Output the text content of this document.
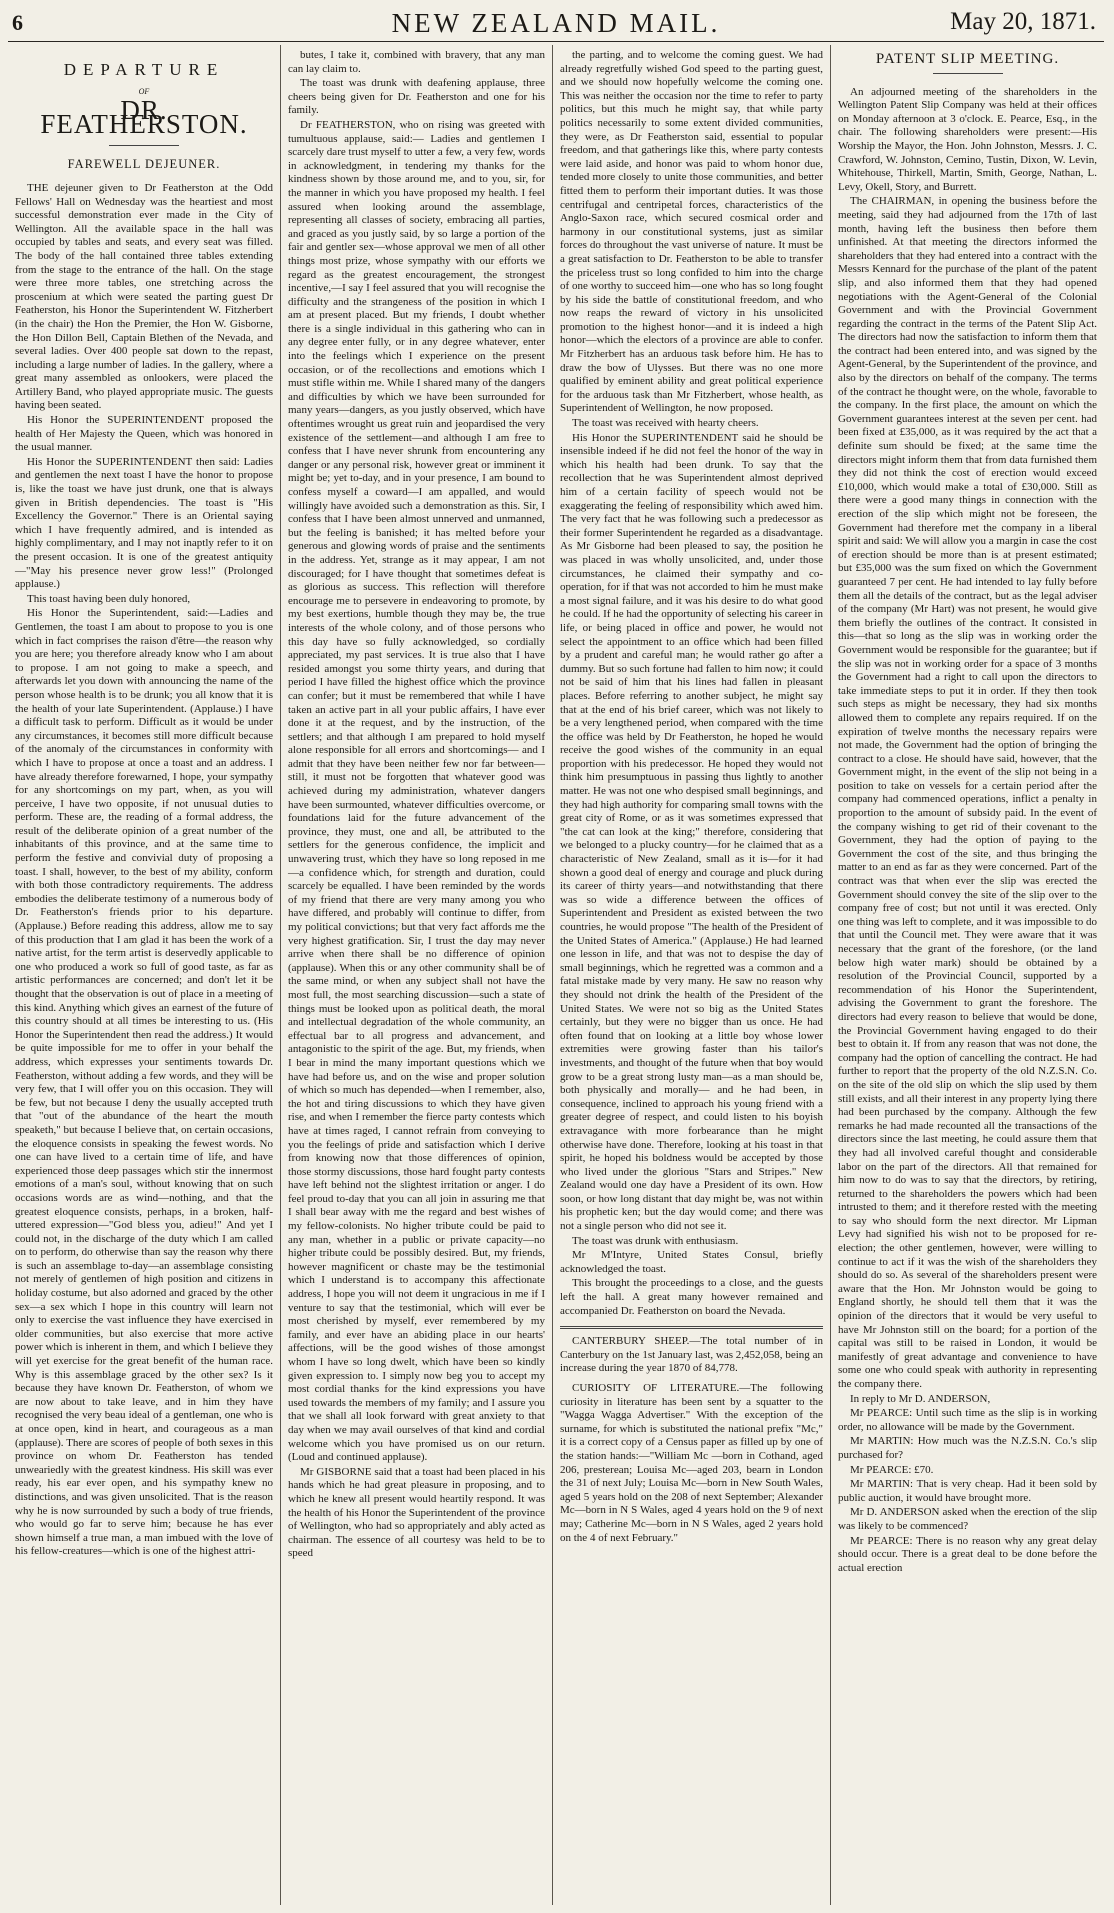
6	NEW ZEALAND MAIL.	May 20, 1871.
DEPARTURE
OF
DR. FEATHERSTON.
FAREWELL DEJEUNER.

THE dejeuner given to Dr Featherston at the Odd Fellows' Hall on Wednesday was the heartiest and most successful demonstration ever made in the City of Wellington. All the available space in the hall was occupied by tables and seats, and every seat was filled. The body of the hall contained three tables extending from the stage to the entrance of the hall. On the stage were three more tables, one stretching across the proscenium at which were seated the parting guest Dr Featherston, his Honor the Superintendent W. Fitzherbert (in the chair) the Hon the Premier, the Hon W. Gisborne, the Hon Dillon Bell, Captain Blethen of the Nevada, and several ladies. Over 400 people sat down to the repast, including a large number of ladies. In the gallery, where a great many assembled as onlookers, were placed the Artillery Band, who played appropriate music. The guests having been seated.

His Honor the SUPERINTENDENT proposed the health of Her Majesty the Queen, which was honored in the usual manner.

His Honor the SUPERINTENDENT then said: Ladies and gentlemen the next toast I have the honor to propose is, like the toast we have just drunk, one that is always given in British dependencies. The toast is "His Excellency the Governor." There is an Oriental saying which I have frequently admired, and is intended as highly complimentary, and I may not inaptly refer to it on the present occasion. It is one of the greatest antiquity—"May his presence never grow less!" (Prolonged applause.)

This toast having been duly honored,

His Honor the Superintendent, said:—Ladies and Gentlemen, the toast I am about to propose to you is one which in fact comprises the raison d'être—the reason why you are here; you therefore already know who I am about to propose. I am not going to make a speech, and afterwards let you down with announcing the name of the person whose health is to be drunk; you all know that it is the health of your late Superintendent. (Applause.) I have a difficult task to perform. Difficult as it would be under any circumstances, it becomes still more difficult because of the anomaly of the circumstances in conformity with which I have to propose at once a toast and an address. I have already therefore forewarned, I hope, your sympathy for any shortcomings on my part, when, as you will perceive, I have two opposite, if not unusual duties to perform. These are, the reading of a formal address, the result of the deliberate opinion of a great number of the inhabitants of this province, and at the same time to perform the festive and convivial duty of proposing a toast. I shall, however, to the best of my ability, conform with both those contradictory requirements. The address embodies the deliberate testimony of a numerous body of Dr. Featherston's friends prior to his departure. (Applause.) Before reading this address, allow me to say of this production that I am glad it has been the work of a native artist, for the term artist is deservedly applicable to one who produced a work so full of good taste, as far as artistic performances are concerned; and don't let it be thought that the observation is out of place in a meeting of this kind. Anything which gives an earnest of the future of this country should at all times be interesting to us. (His Honor the Superintendent then read the address.) It would be quite impossible for me to offer in your behalf the address, which expresses your sentiments towards Dr. Featherston, without adding a few words, and they will be very few, that I will offer you on this occasion. They will be few, but not because I deny the usually accepted truth that "out of the abundance of the heart the mouth speaketh," but because I believe that, on certain occasions, the eloquence consists in speaking the fewest words. No one can have lived to a certain time of life, and have experienced those deep passages which stir the innermost emotions of a man's soul, without knowing that on such occasions words are as wind—nothing, and that the greatest eloquence consists, perhaps, in a broken, half-uttered expression—"God bless you, adieu!" And yet I could not, in the discharge of the duty which I am called on to perform, do otherwise than say the reason why there is such an assemblage to-day—an assemblage consisting not merely of gentlemen of high position and citizens in holiday costume, but also adorned and graced by the other sex—a sex which I hope in this country will learn not only to exercise the vast influence they have exercised in older communities, but also exercise that more active power which is inherent in them, and which I believe they will yet exercise for the great benefit of the human race. Why is this assemblage graced by the other sex? Is it because they have known Dr. Featherston, of whom we are now about to take leave, and in him they have recognised the very beau ideal of a gentleman, one who is at once open, kind in heart, and courageous as a man (applause). There are scores of people of both sexes in this province on whom Dr. Featherston has tended unweariedly with the greatest kindness. His skill was ever ready, his ear ever open, and his sympathy knew no distinctions, and was given unsolicited. That is the reason why he is now surrounded by such a body of true friends, who would go far to serve him; because he has ever shown himself a true man, a man imbued with the love of his fellow-creatures—which is one of the highest attri-

butes, I take it, combined with bravery, that any man can lay claim to.

The toast was drunk with deafening applause, three cheers being given for Dr. Featherston and one for his family.

Dr FEATHERSTON, who on rising was greeted with tumultuous applause, said:— Ladies and gentlemen I scarcely dare trust myself to utter a few, a very few, words in acknowledgment, in tendering my thanks for the kindness shown by those around me, and to you, sir, for the manner in which you have proposed my health. I feel assured when looking around the assemblage, representing all classes of society, embracing all parties, and graced as you justly said, by so large a portion of the fair and gentler sex—whose approval we men of all other things most prize, whose sympathy with our efforts we regard as the greatest encouragement, the strongest incentive,—I say I feel assured that you will recognise the difficulty and the strangeness of the position in which I am at present placed. But my friends, I doubt whether there is a single individual in this gathering who can in any degree enter fully, or in any degree whatever, enter into the feelings which I experience on the present occasion, or of the recollections and emotions which I must stifle within me. While I shared many of the dangers and difficulties by which we have been surrounded for many years—dangers, as you justly observed, which have oftentimes wrought us great ruin and jeopardised the very existence of the settlement—and although I am free to confess that I have never shrunk from encountering any danger or any personal risk, however great or imminent it might be; yet to-day, and in your presence, I am bound to confess myself a coward—I am appalled, and would willingly have avoided such a demonstration as this. Sir, I confess that I have been almost unnerved and unmanned, but the feeling is banished; it has melted before your generous and glowing words of praise and the sentiments in the address. Yet, strange as it may appear, I am not discouraged; for I have thought that sometimes defeat is as glorious as success. This reflection will therefore encourage me to persevere in endeavoring to promote, by my best exertions, humble though they may be, the true interests of the whole colony, and of those persons who this day have so fully acknowledged, so cordially appreciated, my past services. It is true also that I have resided amongst you some thirty years, and during that period I have filled the highest office which the province can confer; but it must be remembered that while I have taken an active part in all your public affairs, I have ever done it at the request, and by the instruction, of the settlers; and that although I am prepared to hold myself alone responsible for all errors and shortcomings— and I admit that they have been neither few nor far between—still, it must not be forgotten that whatever good was achieved during my administration, whatever dangers have been surmounted, whatever difficulties overcome, or foundations laid for the future advancement of the province, they must, one and all, be attributed to the settlers for the generous confidence, the implicit and unwavering trust, which they have so long reposed in me—a confidence which, for strength and duration, could scarcely be equalled. I have been reminded by the words of my friend that there are very many among you who have differed, and probably will continue to differ, from my political convictions; but that very fact affords me the very highest gratification. Sir, I trust the day may never arrive when there shall be no difference of opinion (applause). When this or any other community shall be of the same mind, or when any subject shall not have the most full, the most searching discussion—such a state of things must be looked upon as political death, the moral and intellectual degradation of the whole community, an effectual bar to all progress and advancement, and antagonistic to the spirit of the age. But, my friends, when I bear in mind the many important questions which we have had before us, and on the wise and proper solution of which so much has depended—when I remember, also, the hot and tiring discussions to which they have given rise, and when I remember the fierce party contests which have at times raged, I cannot refrain from conveying to you the feelings of pride and satisfaction which I derive from knowing now that those differences of opinion, those stormy discussions, those hard fought party contests have left behind not the slightest irritation or anger. I do feel proud to-day that you can all join in assuring me that I shall bear away with me the regard and best wishes of my fellow-colonists. No higher tribute could be paid to any man, whether in a public or private capacity—no higher tribute could be possibly desired. But, my friends, however magnificent or chaste may be the testimonial which I understand is to accompany this affectionate address, I hope you will not deem it ungracious in me if I venture to say that the testimonial, which will ever be most cherished by myself, ever remembered by my family, and ever have an abiding place in our hearts' affections, will be the good wishes of those amongst whom I have so long dwelt, which have been so kindly given expression to. I simply now beg you to accept my most cordial thanks for the kind expressions you have used towards the members of my family; and I assure you that we shall all look forward with great anxiety to that day when we may avail ourselves of that kind and cordial welcome which you have promised us on our return. (Loud and continued applause).

Mr GISBORNE said that a toast had been placed in his hands which he had great pleasure in proposing, and to which he knew all present would heartily respond. It was the health of his Honor the Superintendent of the province of Wellington, who had so appropriately and ably acted as chairman. The essence of all courtesy was held to be to speed

the parting, and to welcome the coming guest. We had already regretfully wished God speed to the parting guest, and we should now hopefully welcome the coming one. This was neither the occasion nor the time to refer to party politics, but this much he might say, that while party politics necessarily to some extent divided communities, they were, as Dr Featherston said, essential to popular freedom, and that gatherings like this, where party contests were laid aside, and honor was paid to whom honor due, tended more closely to unite those communities, and better fitted them to perform their important duties. It was those centrifugal and centripetal forces, characteristics of the Anglo-Saxon race, which secured cosmical order and harmony in our constitutional systems, just as similar forces do throughout the vast universe of nature. It must be a great satisfaction to Dr. Featherston to be able to transfer the priceless trust so long confided to him into the charge of one worthy to succeed him—one who has so long fought by his side the battle of constitutional freedom, and who now reaps the reward of victory in his unsolicited promotion to the highest honor—and it is indeed a high honor—which the electors of a province are able to confer. Mr Fitzherbert has an arduous task before him. He has to draw the bow of Ulysses. But there was no one more qualified by eminent ability and great political experience for the arduous task than Mr Fitzherbert, whose health, as Superintendent of Wellington, he now proposed.

The toast was received with hearty cheers.

His Honor the SUPERINTENDENT said he should be insensible indeed if he did not feel the honor of the way in which his health had been drunk. To say that the recollection that he was Superintendent almost deprived him of a certain facility of speech would not be exaggerating the feeling of responsibility which awed him. The very fact that he was following such a predecessor as their former Superintendent he regarded as a disadvantage. As Mr Gisborne had been pleased to say, the position he was placed in was wholly unsolicited, and, under those circumstances, he claimed their sympathy and co-operation, for if that was not accorded to him he must make a most signal failure, and it was his desire to do what good he could. If he had the opportunity of selecting his career in life, or being placed in office and power, he would not select the appointment to an office which had been filled by a prudent and careful man; he would rather go after a dummy. But so such fortune had fallen to him now; it could not be said of him that his lines had fallen in pleasant places. Before referring to another subject, he might say that at the end of his brief career, which was not likely to be a very lengthened period, when compared with the time the office was held by Dr Featherston, he hoped he would receive the good wishes of the community in an equal proportion with his predecessor. He hoped they would not think him presumptuous in passing thus lightly to another matter. He was not one who despised small beginnings, and they had high authority for comparing small towns with the great city of Rome, or as it was sometimes expressed that "the cat can look at the king;" therefore, considering that we belonged to a plucky country—for he claimed that as a characteristic of New Zealand, small as it is—for it had shown a good deal of energy and courage and pluck during its career of thirty years—and notwithstanding that there was so wide a difference between the offices of Superintendent and President as existed between the two countries, he would propose "The health of the President of the United States of America." (Applause.) He had learned one lesson in life, and that was not to despise the day of small beginnings, which he regretted was a common and a fatal mistake made by very many. He saw no reason why they should not drink the health of the President of the United States. We were not so big as the United States certainly, but they were no bigger than us once. He had often found that on looking at a little boy whose lower extremities were growing faster than his tailor's investments, and thought of the future when that boy would grow to be a great strong lusty man—as a man should be, both physically and morally— and he had been, in consequence, inclined to approach his young friend with a greater degree of respect, and could listen to his boyish extravagance with more forbearance than he might otherwise have done. Therefore, looking at his toast in that spirit, he hoped his boldness would be accepted by those who lived under the glorious "Stars and Stripes." New Zealand would one day have a President of its own. How soon, or how long distant that day might be, was not within his prophetic ken; but the day would come; and there was not a single person who did not see it.

The toast was drunk with enthusiasm.

Mr M'Intyre, United States Consul, briefly acknowledged the toast.

This brought the proceedings to a close, and the guests left the hall. A great many however remained and accompanied Dr. Featherston on board the Nevada.

CANTERBURY SHEEP.—The total number of in Canterbury on the 1st January last, was 2,452,058, being an increase during the year 1870 of 84,778.

CURIOSITY OF LITERATURE.—The following curiosity in literature has been sent by a squatter to the "Wagga Wagga Advertiser." With the exception of the surname, for which is substituted the national prefix "Mc," it is a correct copy of a Census paper as filled up by one of the station hands:—"William Mc —born in Cothand, aged 206, presterean; Louisa Mc—aged 203, bearn in London the 31 of next July; Louisa Mc—born in New South Wales, aged 5 years hold on the 208 of next September; Alexander Mc—born in N S Wales, aged 4 years hold on the 9 of next may; Catherine Mc—born in N S Wales, aged 2 years hold on the 4 of next February."

PATENT SLIP MEETING.

An adjourned meeting of the shareholders in the Wellington Patent Slip Company was held at their offices on Monday afternoon at 3 o'clock. E. Pearce, Esq., in the chair. The following shareholders were present:—His Worship the Mayor, the Hon. John Johnston, Messrs. J. C. Crawford, W. Johnston, Cemino, Tustin, Dixon, W. Levin, Whitehouse, Thirkell, Martin, Smith, George, Nathan, L. Levy, Okell, Story, and Burrett.

The CHAIRMAN, in opening the business before the meeting, said they had adjourned from the 17th of last month, having left the business then before them unfinished. At that meeting the directors informed the shareholders that they had entered into a contract with the Messrs Kennard for the purchase of the plant of the patent slip, and also informed them that they had opened negotiations with the Agent-General of the Colonial Government and with the Provincial Government regarding the contract in the terms of the Patent Slip Act. The directors had now the satisfaction to inform them that the contract had been entered into, and was signed by the Agent-General, by the Superintendent of the province, and also by the directors on behalf of the company. The terms of the contract he thought were, on the whole, favorable to the company. In the first place, the amount on which the Government guarantees interest at the seven per cent. had been fixed at £35,000, as it was required by the act that a definite sum should be fixed; at the same time the directors might inform them that from data furnished them they did not think the cost of erection would exceed £10,000, which would make a total of £30,000. Still as there were a good many things in connection with the erection of the slip which might not be foreseen, the Government had therefore met the company in a liberal spirit and said: We will allow you a margin in case the cost of erection should be more than is at present estimated; but £35,000 was the sum fixed on which the Government guaranteed 7 per cent. He had intended to lay fully before them all the details of the contract, but as the legal adviser of the company (Mr Hart) was not present, he would give them briefly the outlines of the contract. It consisted in this—that so long as the slip was in working order the Government would be responsible for the guarantee; but if the slip was not in working order for a space of 3 months the Government had a right to call upon the directors to take immediate steps to put it in order. If they then took such steps as might be necessary, they had six months allowed them to complete any repairs required. If on the expiration of twelve months the necessary repairs were not made, the Government had the option of bringing the contract to a close. He should have said, however, that the Government might, in the event of the slip not being in a position to take on vessels for a certain period after the company had commenced operations, inflict a penalty in proportion to the amount of subsidy paid. In the event of the company wishing to get rid of their covenant to the Government, they had the option of paying to the Government the cost of the site, and thus bringing the matter to an end as far as they were concerned. Part of the contract was that when ever the slip was erected the Government should convey the site of the slip over to the company free of cost; but not until it was erected. Only one thing was left to complete, and it was impossible to do that until the Council met. They were aware that it was necessary that the grant of the foreshore, (or the land below high water mark) should be obtained by a resolution of the Provincial Council, supported by a recommendation of his Honor the Superintendent, advising the Government to grant the foreshore. The directors had every reason to believe that would be done, the Provincial Government having engaged to do their best to obtain it. If from any reason that was not done, the company had the option of cancelling the contract. He had further to report that the property of the old N.Z.S.N. Co. on the site of the old slip on which the slip used by them still exists, and all their interest in any property lying there had been purchased by the company. Although the few remarks he had made recounted all the transactions of the directors since the last meeting, he could assure them that they had all involved careful thought and considerable labor on the part of the directors. All that remained for him now to do was to say that the directors, by retiring, returned to the shareholders the powers which had been intrusted to them; and it therefore rested with the meeting to say who should form the next director. Mr Lipman Levy had signified his wish not to be proposed for re-election; the other gentlemen, however, were willing to continue to act if it was the wish of the shareholders they should do so. As several of the shareholders present were aware that the Hon. Mr Johnston would be going to England shortly, he should tell them that it was the opinion of the directors that it would be very useful to have Mr Johnston still on the board; for a portion of the capital was still to be raised in London, it would be manifestly of great advantage and convenience to have some one who could speak with authority in representing the company there.

In reply to Mr D. ANDERSON,

Mr PEARCE: Until such time as the slip is in working order, no allowance will be made by the Government.

Mr MARTIN: How much was the N.Z.S.N. Co.'s slip purchased for?

Mr PEARCE: £70.

Mr MARTIN: That is very cheap. Had it been sold by public auction, it would have brought more.

Mr D. ANDERSON asked when the erection of the slip was likely to be commenced?

Mr PEARCE: There is no reason why any great delay should occur. There is a great deal to be done before the actual erection
